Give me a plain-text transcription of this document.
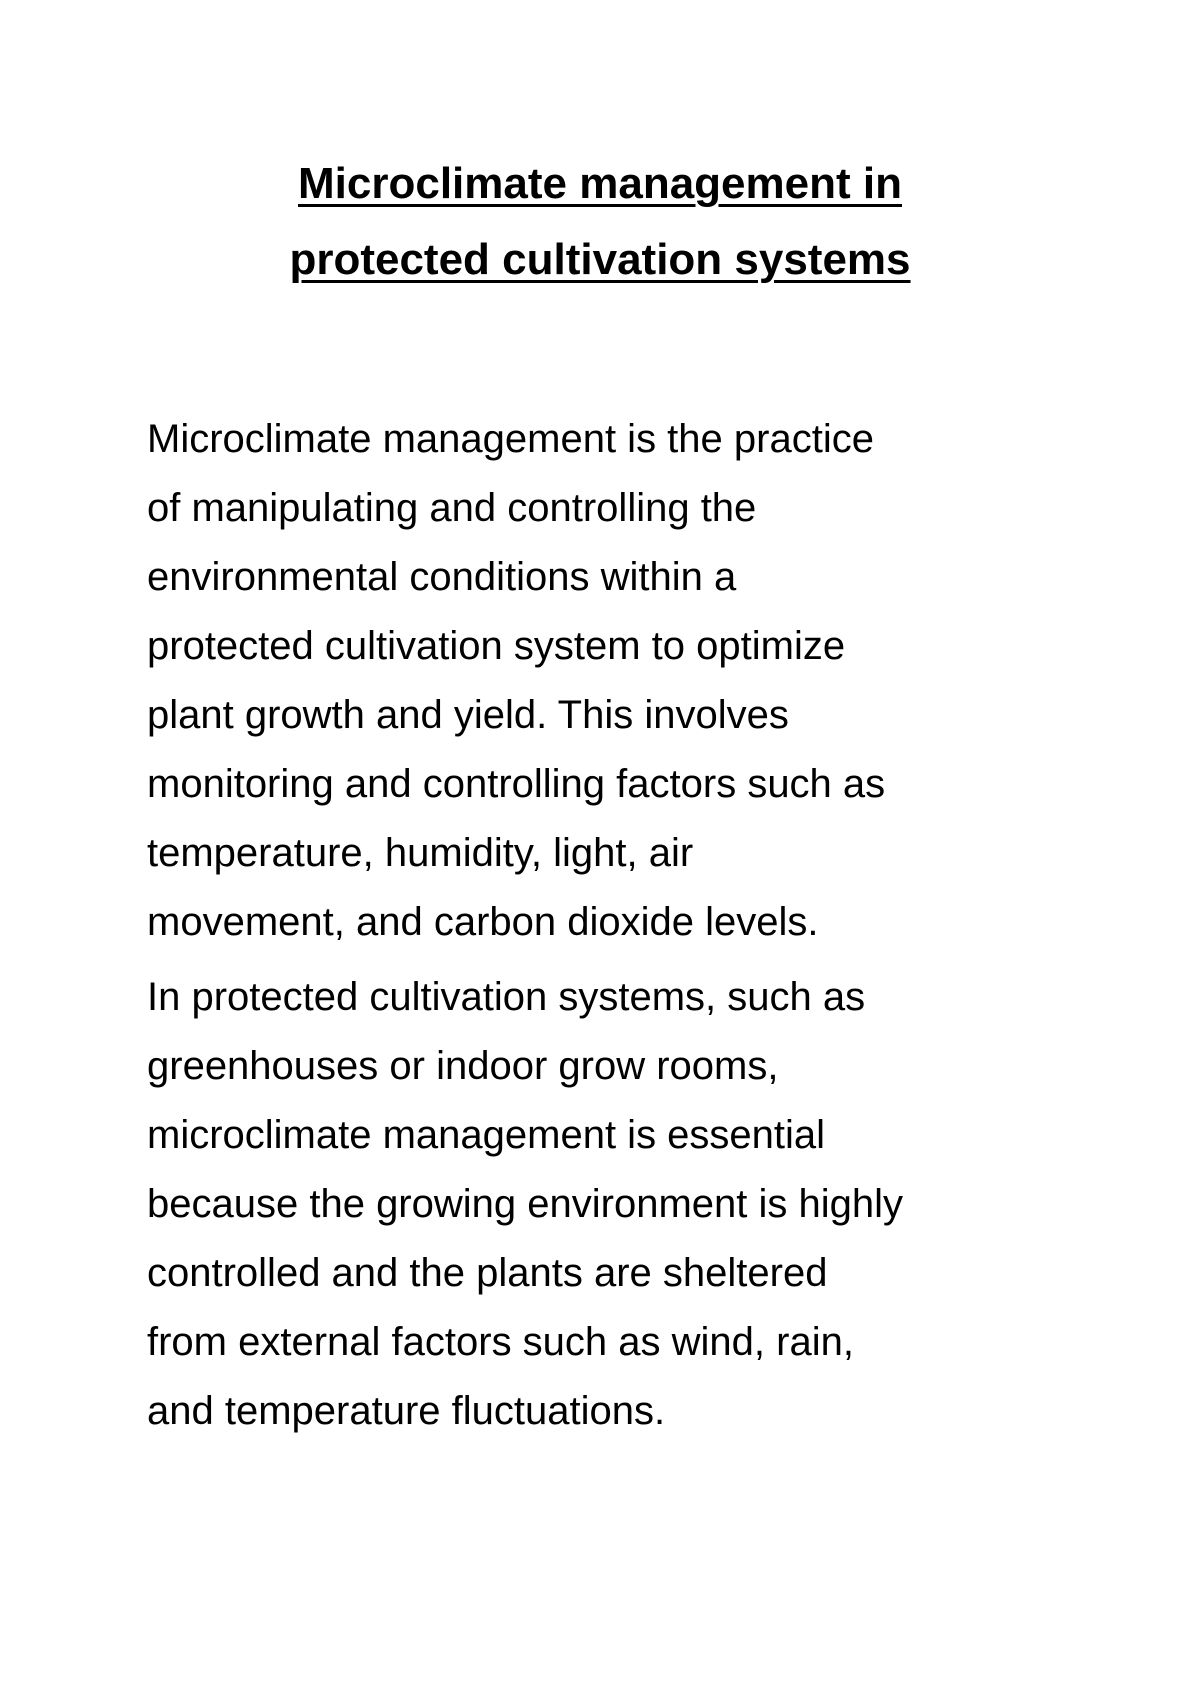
Microclimate management in
protected cultivation systems

Microclimate management is the practice
of manipulating and controlling the
environmental conditions within a
protected cultivation system to optimize
plant growth and yield. This involves
monitoring and controlling factors such as
temperature, humidity, light, air
movement, and carbon dioxide levels.

In protected cultivation systems, such as
greenhouses or indoor grow rooms,
microclimate management is essential
because the growing environment is highly
controlled and the plants are sheltered
from external factors such as wind, rain,
and temperature fluctuations.
